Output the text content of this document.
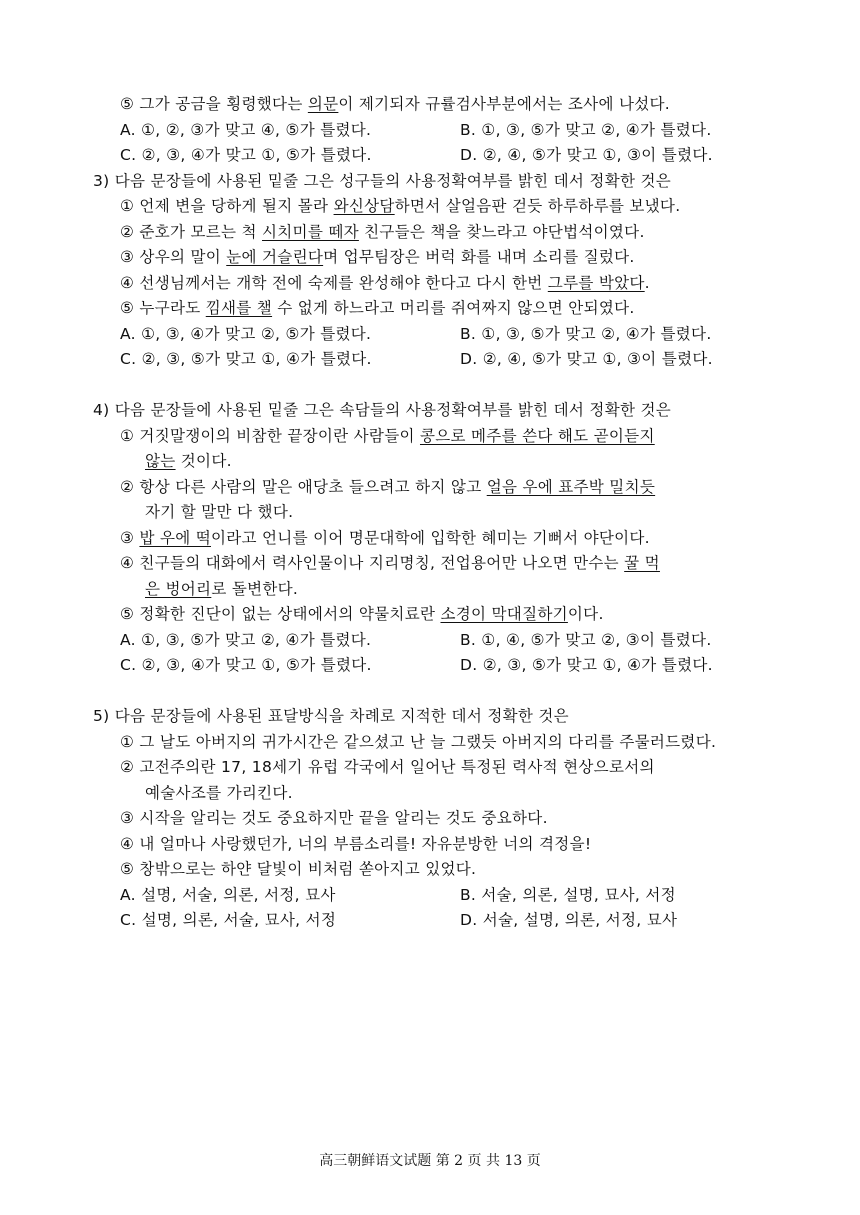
⑤ 그가 공금을 횡령했다는 의문이 제기되자 규률검사부분에서는 조사에 나섰다.
A. ①, ②, ③가 맞고 ④, ⑤가 틀렸다.	B. ①, ③, ⑤가 맞고 ②, ④가 틀렸다.
C. ②, ③, ④가 맞고 ①, ⑤가 틀렸다.	D. ②, ④, ⑤가 맞고 ①, ③이 틀렸다.
3) 다음 문장들에 사용된 밑줄 그은 성구들의 사용정확여부를 밝힌 데서 정확한 것은
① 언제 변을 당하게 될지 몰라 와신상담하면서 살얼음판 걷듯 하루하루를 보냈다.
② 준호가 모르는 척 시치미를 떼자 친구들은 책을 찾느라고 야단법석이였다.
③ 상우의 말이 눈에 거슬린다며 업무팀장은 버럭 화를 내며 소리를 질렀다.
④ 선생님께서는 개학 전에 숙제를 완성해야 한다고 다시 한번 그루를 박았다.
⑤ 누구라도 낌새를 챌 수 없게 하느라고 머리를 쥐여짜지 않으면 안되였다.
A. ①, ③, ④가 맞고 ②, ⑤가 틀렸다.	B. ①, ③, ⑤가 맞고 ②, ④가 틀렸다.
C. ②, ③, ⑤가 맞고 ①, ④가 틀렸다.	D. ②, ④, ⑤가 맞고 ①, ③이 틀렸다.
4) 다음 문장들에 사용된 밑줄 그은 속담들의 사용정확여부를 밝힌 데서 정확한 것은
① 거짓말쟁이의 비참한 끝장이란 사람들이 콩으로 메주를 쓴다 해도 곧이듣지
않는 것이다.
② 항상 다른 사람의 말은 애당초 들으려고 하지 않고 얼음 우에 표주박 밀치듯
자기 할 말만 다 했다.
③ 밥 우에 떡이라고 언니를 이어 명문대학에 입학한 혜미는 기뻐서 야단이다.
④ 친구들의 대화에서 력사인물이나 지리명칭, 전업용어만 나오면 만수는 꿀 먹
은 벙어리로 돌변한다.
⑤ 정확한 진단이 없는 상태에서의 약물치료란 소경이 막대질하기이다.
A. ①, ③, ⑤가 맞고 ②, ④가 틀렸다.	B. ①, ④, ⑤가 맞고 ②, ③이 틀렸다.
C. ②, ③, ④가 맞고 ①, ⑤가 틀렸다.	D. ②, ③, ⑤가 맞고 ①, ④가 틀렸다.
5) 다음 문장들에 사용된 표달방식을 차례로 지적한 데서 정확한 것은
① 그 날도 아버지의 귀가시간은 같으셨고 난 늘 그랬듯 아버지의 다리를 주물러드렸다.
② 고전주의란 17, 18세기 유럽 각국에서 일어난 특정된 력사적 현상으로서의
예술사조를 가리킨다.
③ 시작을 알리는 것도 중요하지만 끝을 알리는 것도 중요하다.
④ 내 얼마나 사랑했던가, 너의 부름소리를! 자유분방한 너의 격정을!
⑤ 창밖으로는 하얀 달빛이 비처럼 쏟아지고 있었다.
A. 설명, 서술, 의론, 서정, 묘사	B. 서술, 의론, 설명, 묘사, 서정
C. 설명, 의론, 서술, 묘사, 서정	D. 서술, 설명, 의론, 서정, 묘사
高三朝鲜语文试题 第 2 页 共 13 页
